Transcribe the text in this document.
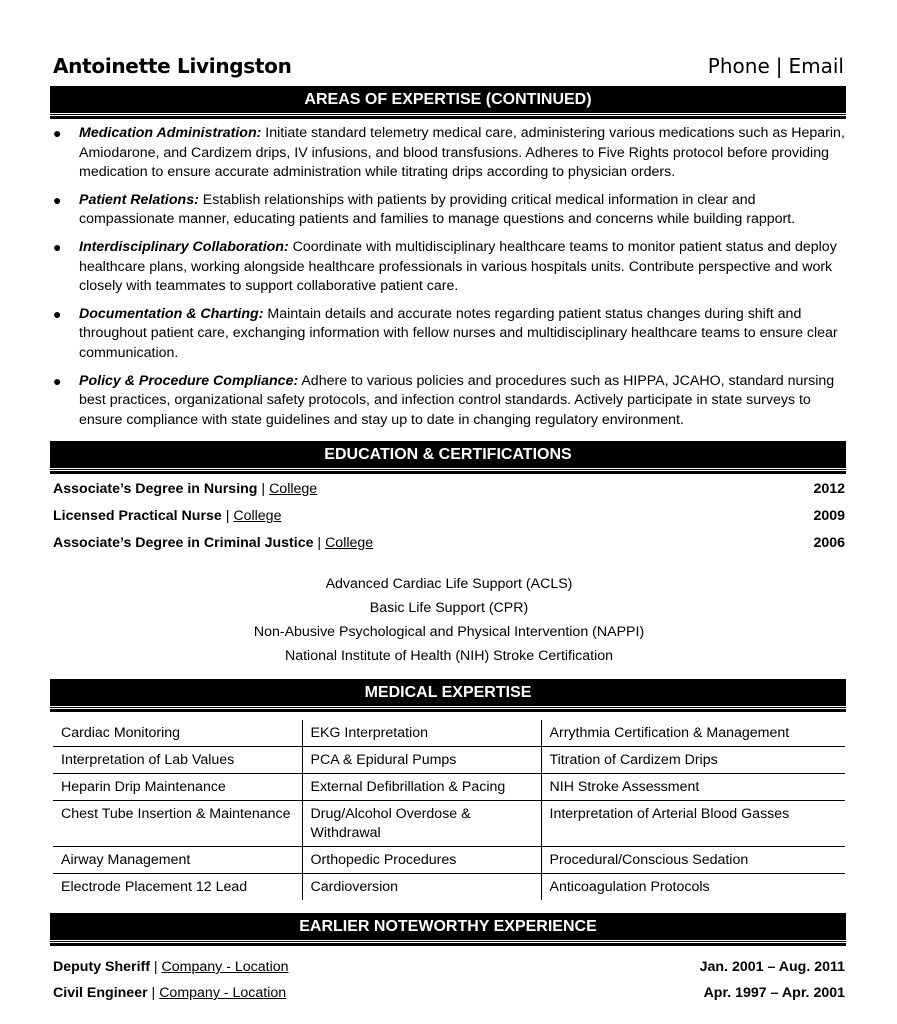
Antoinette Livingston	Phone | Email
AREAS OF EXPERTISE (CONTINUED)
● Medication Administration: Initiate standard telemetry medical care, administering various medications such as Heparin, Amiodarone, and Cardizem drips, IV infusions, and blood transfusions. Adheres to Five Rights protocol before providing medication to ensure accurate administration while titrating drips according to physician orders.
● Patient Relations: Establish relationships with patients by providing critical medical information in clear and compassionate manner, educating patients and families to manage questions and concerns while building rapport.
● Interdisciplinary Collaboration: Coordinate with multidisciplinary healthcare teams to monitor patient status and deploy healthcare plans, working alongside healthcare professionals in various hospitals units. Contribute perspective and work closely with teammates to support collaborative patient care.
● Documentation & Charting: Maintain details and accurate notes regarding patient status changes during shift and throughout patient care, exchanging information with fellow nurses and multidisciplinary healthcare teams to ensure clear communication.
● Policy & Procedure Compliance: Adhere to various policies and procedures such as HIPPA, JCAHO, standard nursing best practices, organizational safety protocols, and infection control standards. Actively participate in state surveys to ensure compliance with state guidelines and stay up to date in changing regulatory environment.
EDUCATION & CERTIFICATIONS
Associate’s Degree in Nursing | College	2012
Licensed Practical Nurse | College	2009
Associate’s Degree in Criminal Justice | College	2006
Advanced Cardiac Life Support (ACLS)
Basic Life Support (CPR)
Non-Abusive Psychological and Physical Intervention (NAPPI)
National Institute of Health (NIH) Stroke Certification
MEDICAL EXPERTISE
Cardiac Monitoring	EKG Interpretation	Arrythmia Certification & Management
Interpretation of Lab Values	PCA & Epidural Pumps	Titration of Cardizem Drips
Heparin Drip Maintenance	External Defibrillation & Pacing	NIH Stroke Assessment
Chest Tube Insertion & Maintenance	Drug/Alcohol Overdose & Withdrawal	Interpretation of Arterial Blood Gasses
Airway Management	Orthopedic Procedures	Procedural/Conscious Sedation
Electrode Placement 12 Lead	Cardioversion	Anticoagulation Protocols
EARLIER NOTEWORTHY EXPERIENCE
Deputy Sheriff | Company - Location	Jan. 2001 – Aug. 2011
Civil Engineer | Company - Location	Apr. 1997 – Apr. 2001
